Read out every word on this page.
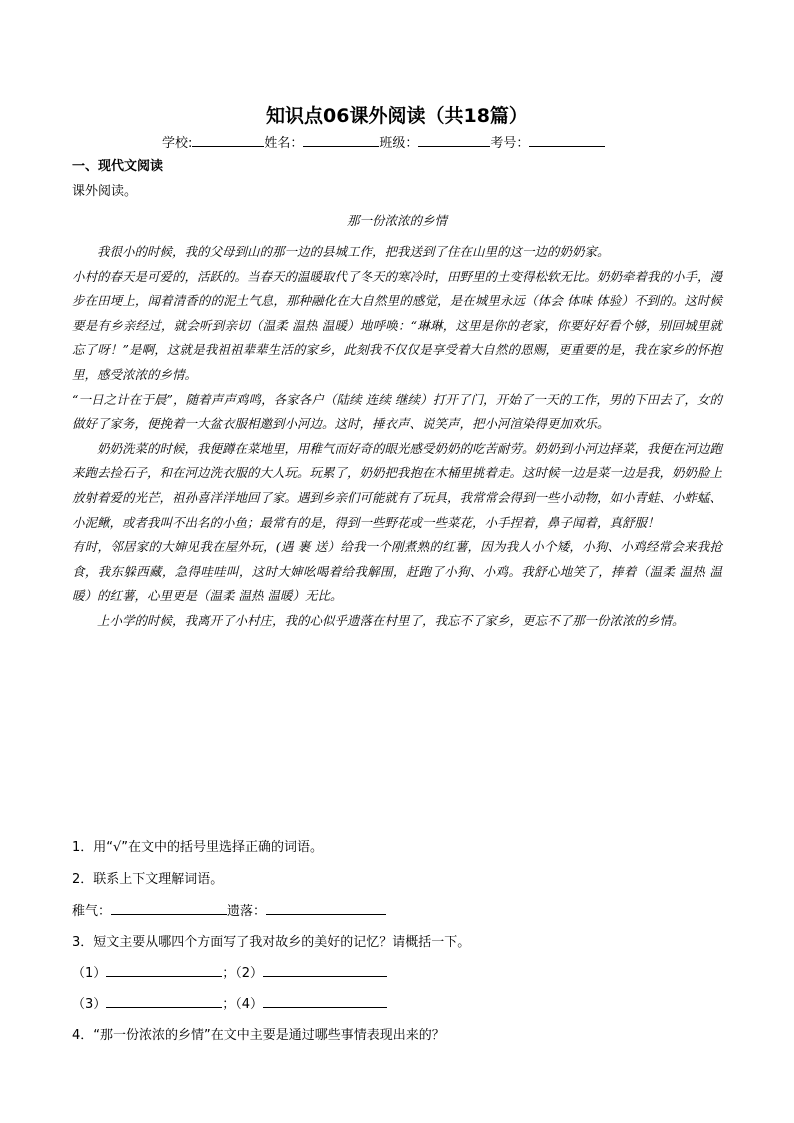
知识点06课外阅读（共18篇）
学校:	姓名：	班级：	考号：
一、现代文阅读
课外阅读。
那一份浓浓的乡情

我很小的时候，我的父母到山的那一边的县城工作，把我送到了住在山里的这一边的奶奶家。

小村的春天是可爱的，活跃的。当春天的温暖取代了冬天的寒冷时，田野里的土变得松软无比。奶奶牵着我的小手，漫步在田埂上，闻着清香的的泥土气息，那种融化在大自然里的感觉，是在城里永远（体会 体味 体验）不到的。这时候要是有乡亲经过，就会听到亲切（温柔 温热 温暖）地呼唤：“琳琳，这里是你的老家，你要好好看个够，别回城里就忘了呀！”是啊，这就是我祖祖辈辈生活的家乡，此刻我不仅仅是享受着大自然的恩赐，更重要的是，我在家乡的怀抱里，感受浓浓的乡情。

“一日之计在于晨”，随着声声鸡鸣，各家各户（陆续 连续 继续）打开了门，开始了一天的工作，男的下田去了，女的做好了家务，便挽着一大盆衣服相邀到小河边。这时，捶衣声、说笑声，把小河渲染得更加欢乐。

奶奶洗菜的时候，我便蹲在菜地里，用稚气而好奇的眼光感受奶奶的吃苦耐劳。奶奶到小河边择菜，我便在河边跑来跑去捡石子，和在河边洗衣服的大人玩。玩累了，奶奶把我抱在木桶里挑着走。这时候一边是菜一边是我，奶奶脸上放射着爱的光芒，祖孙喜洋洋地回了家。遇到乡亲们可能就有了玩具，我常常会得到一些小动物，如小青蛙、小蚱蜢、小泥鳅，或者我叫不出名的小鱼；最常有的是，得到一些野花或一些菜花，小手捏着，鼻子闻着，真舒服！

有时，邻居家的大婶见我在屋外玩，(遇 裹 送）给我一个刚煮熟的红薯，因为我人小个矮，小狗、小鸡经常会来我抢食，我东躲西藏，急得哇哇叫，这时大婶吆喝着给我解围，赶跑了小狗、小鸡。我舒心地笑了，捧着（温柔 温热 温暖）的红薯，心里更是（温柔 温热 温暖）无比。

上小学的时候，我离开了小村庄，我的心似乎遗落在村里了，我忘不了家乡，更忘不了那一份浓浓的乡情。

1．用“√”在文中的括号里选择正确的词语。
2．联系上下文理解词语。
稚气：	遗落：
3．短文主要从哪四个方面写了我对故乡的美好的记忆？请概括一下。
（1）	；（2）
（3）	；（4）
4．“那一份浓浓的乡情”在文中主要是通过哪些事情表现出来的？
